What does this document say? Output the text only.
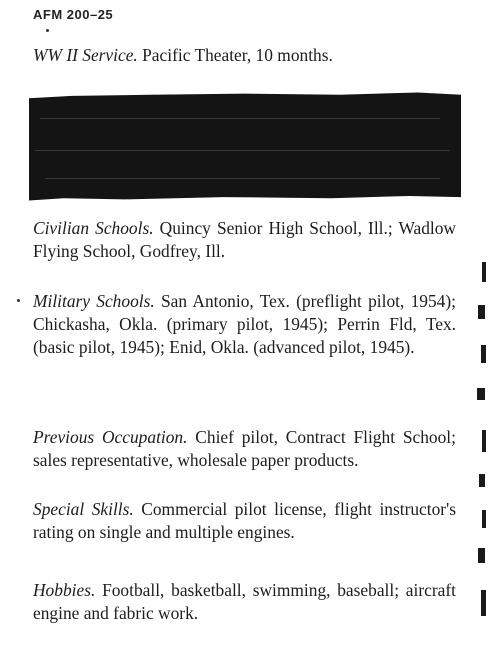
AFM 200–25

WW II Service. Pacific Theater, 10 months.

Civilian Schools. Quincy Senior High School, Ill.; Wadlow Flying School, Godfrey, Ill.

Military Schools. San Antonio, Tex. (preflight pilot, 1954); Chickasha, Okla. (primary pilot, 1945); Perrin Fld, Tex. (basic pilot, 1945); Enid, Okla. (advanced pilot, 1945).

Previous Occupation. Chief pilot, Contract Flight School; sales representative, wholesale paper products.

Special Skills. Commercial pilot license, flight instructor's rating on single and multiple engines.

Hobbies. Football, basketball, swimming, baseball; aircraft engine and fabric work.
